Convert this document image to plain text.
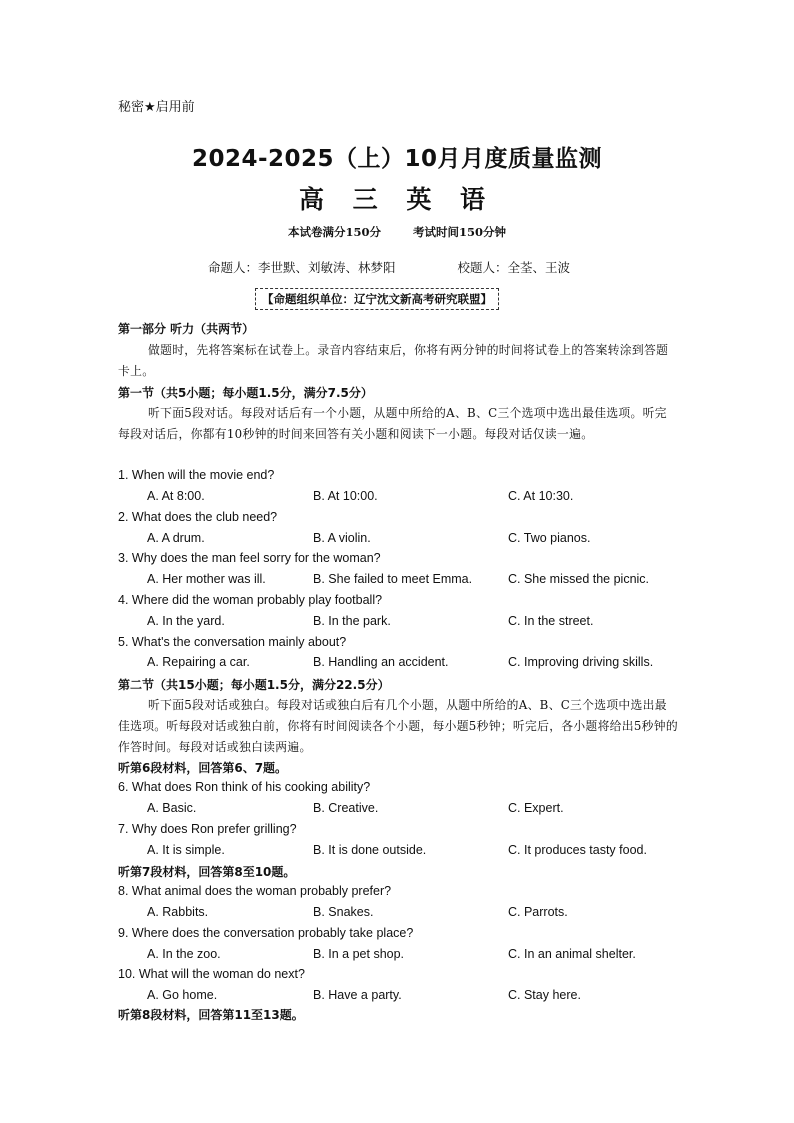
秘密★启用前
2024-2025（上）10月月度质量监测
高 三 英 语
本试卷满分150分	考试时间150分钟
命题人：李世默、刘敏涛、林梦阳	校题人：全荃、王波
【命题组织单位：辽宁沈文新高考研究联盟】
第一部分 听力（共两节）
做题时，先将答案标在试卷上。录音内容结束后，你将有两分钟的时间将试卷上的答案转涂到答题卡上。
第一节（共5小题；每小题1.5分，满分7.5分）
听下面5段对话。每段对话后有一个小题，从题中所给的A、B、C三个选项中选出最佳选项。听完每段对话后，你都有10秒钟的时间来回答有关小题和阅读下一小题。每段对话仅读一遍。
1. When will the movie end?
A. At 8:00.	B. At 10:00.	C. At 10:30.
2. What does the club need?
A. A drum.	B. A violin.	C. Two pianos.
3. Why does the man feel sorry for the woman?
A. Her mother was ill.	B. She failed to meet Emma.	C. She missed the picnic.
4. Where did the woman probably play football?
A. In the yard.	B. In the park.	C. In the street.
5. What's the conversation mainly about?
A. Repairing a car.	B. Handling an accident.	C. Improving driving skills.
第二节（共15小题；每小题1.5分，满分22.5分）
听下面5段对话或独白。每段对话或独白后有几个小题，从题中所给的A、B、C三个选项中选出最佳选项。听每段对话或独白前，你将有时间阅读各个小题，每小题5秒钟；听完后，各小题将给出5秒钟的作答时间。每段对话或独白读两遍。
听第6段材料，回答第6、7题。
6. What does Ron think of his cooking ability?
A. Basic.	B. Creative.	C. Expert.
7. Why does Ron prefer grilling?
A. It is simple.	B. It is done outside.	C. It produces tasty food.
听第7段材料，回答第8至10题。
8. What animal does the woman probably prefer?
A. Rabbits.	B. Snakes.	C. Parrots.
9. Where does the conversation probably take place?
A. In the zoo.	B. In a pet shop.	C. In an animal shelter.
10. What will the woman do next?
A. Go home.	B. Have a party.	C. Stay here.
听第8段材料，回答第11至13题。
